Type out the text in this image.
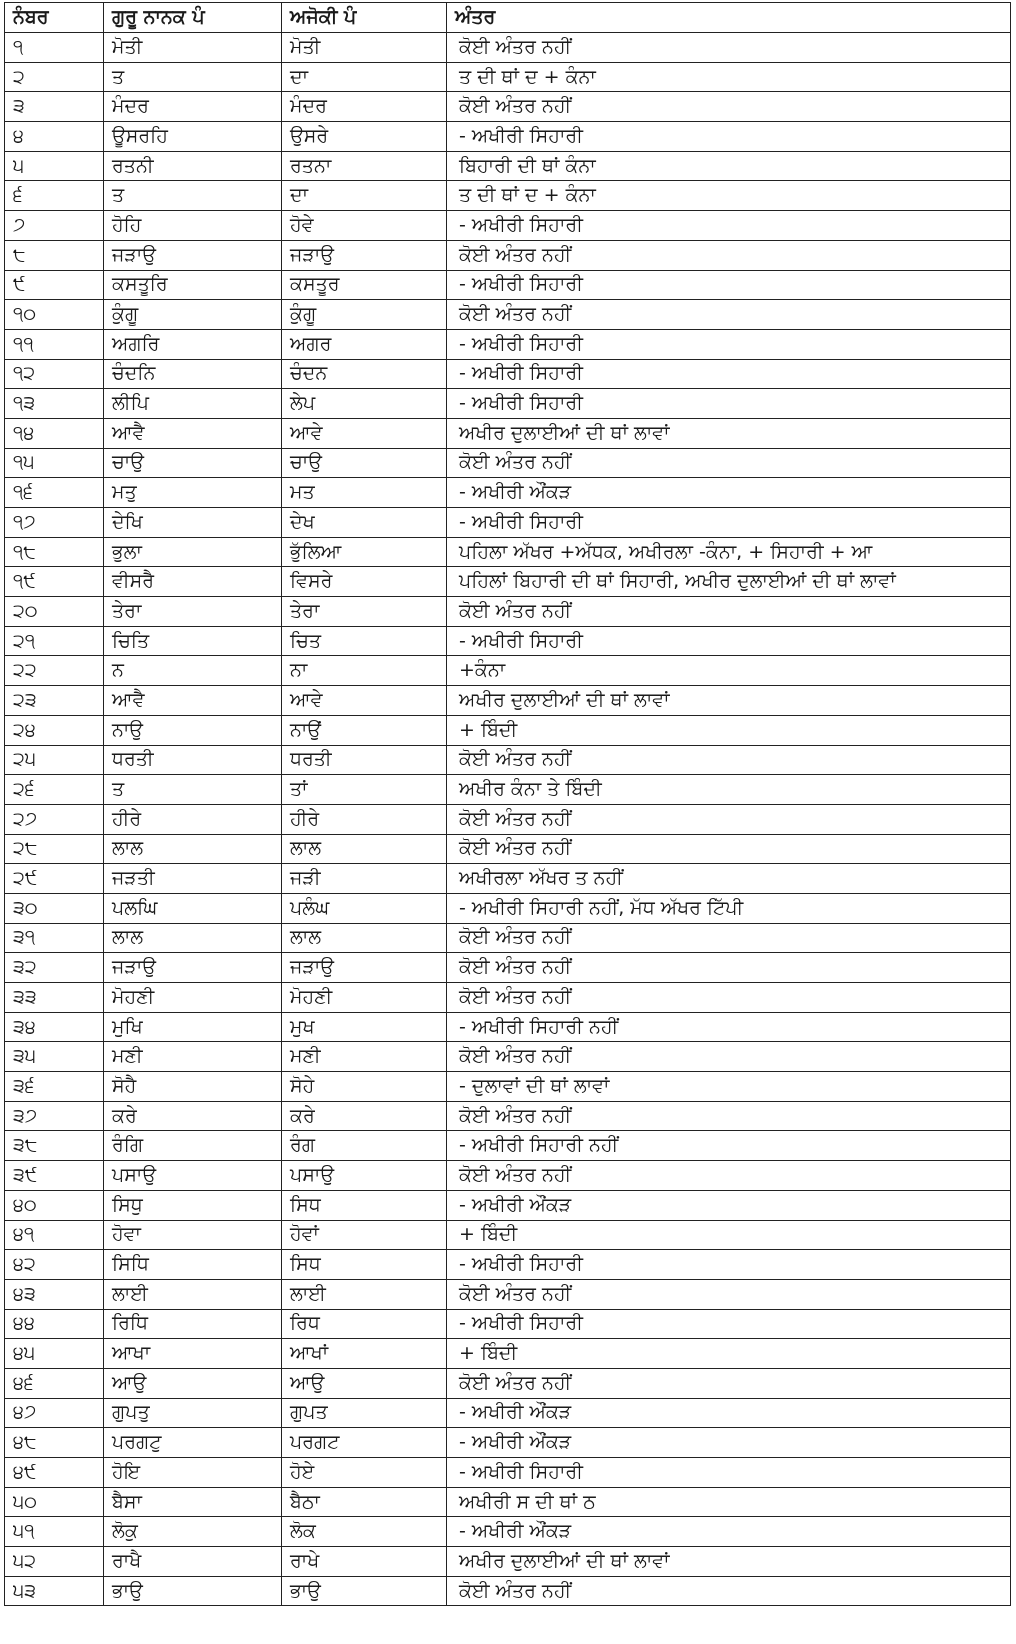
ਨੰਬਰ	ਗੁਰੂ ਨਾਨਕ ਪੰ	ਅਜੋਕੀ ਪੰ	ਅੰਤਰ
੧	ਮੋਤੀ	ਮੋਤੀ	ਕੋਈ ਅੰਤਰ ਨਹੀਂ
੨	ਤ	ਦਾ	ਤ ਦੀ ਥਾਂ ਦ + ਕੰਨਾ
੩	ਮੰਦਰ	ਮੰਦਰ	ਕੋਈ ਅੰਤਰ ਨਹੀਂ
੪	ਊਸਰਹਿ	ਉਸਰੇ	- ਅਖੀਰੀ ਸਿਹਾਰੀ
੫	ਰਤਨੀ	ਰਤਨਾ	ਬਿਹਾਰੀ ਦੀ ਥਾਂ ਕੰਨਾ
੬	ਤ	ਦਾ	ਤ ਦੀ ਥਾਂ ਦ + ਕੰਨਾ
੭	ਹੋਹਿ	ਹੋਵੇ	- ਅਖੀਰੀ ਸਿਹਾਰੀ
੮	ਜੜਾਉ	ਜੜਾਉ	ਕੋਈ ਅੰਤਰ ਨਹੀਂ
੯	ਕਸਤੂਰਿ	ਕਸਤੂਰ	- ਅਖੀਰੀ ਸਿਹਾਰੀ
੧੦	ਕੁੰਗੂ	ਕੁੰਗੂ	ਕੋਈ ਅੰਤਰ ਨਹੀਂ
੧੧	ਅਗਰਿ	ਅਗਰ	- ਅਖੀਰੀ ਸਿਹਾਰੀ
੧੨	ਚੰਦਨਿ	ਚੰਦਨ	- ਅਖੀਰੀ ਸਿਹਾਰੀ
੧੩	ਲੀਪਿ	ਲੇਪ	- ਅਖੀਰੀ ਸਿਹਾਰੀ
੧੪	ਆਵੈ	ਆਵੇ	ਅਖੀਰ ਦੁਲਾਈਆਂ ਦੀ ਥਾਂ ਲਾਵਾਂ
੧੫	ਚਾਉ	ਚਾਉ	ਕੋਈ ਅੰਤਰ ਨਹੀਂ
੧੬	ਮਤੁ	ਮਤ	- ਅਖੀਰੀ ਔਂਕੜ
੧੭	ਦੇਖਿ	ਦੇਖ	- ਅਖੀਰੀ ਸਿਹਾਰੀ
੧੮	ਭੁਲਾ	ਭੁੱਲਿਆ	ਪਹਿਲਾ ਅੱਖਰ +ਅੱਧਕ, ਅਖੀਰਲਾ -ਕੰਨਾ, + ਸਿਹਾਰੀ + ਆ
੧੯	ਵੀਸਰੈ	ਵਿਸਰੇ	ਪਹਿਲਾਂ ਬਿਹਾਰੀ ਦੀ ਥਾਂ ਸਿਹਾਰੀ, ਅਖੀਰ ਦੁਲਾਈਆਂ ਦੀ ਥਾਂ ਲਾਵਾਂ
੨੦	ਤੇਰਾ	ਤੇਰਾ	ਕੋਈ ਅੰਤਰ ਨਹੀਂ
੨੧	ਚਿਤਿ	ਚਿਤ	- ਅਖੀਰੀ ਸਿਹਾਰੀ
੨੨	ਨ	ਨਾ	+ਕੰਨਾ
੨੩	ਆਵੈ	ਆਵੇ	ਅਖੀਰ ਦੁਲਾਈਆਂ ਦੀ ਥਾਂ ਲਾਵਾਂ
੨੪	ਨਾਉ	ਨਾਉਂ	+ ਬਿੰਦੀ
੨੫	ਧਰਤੀ	ਧਰਤੀ	ਕੋਈ ਅੰਤਰ ਨਹੀਂ
੨੬	ਤ	ਤਾਂ	ਅਖੀਰ ਕੰਨਾ ਤੇ ਬਿੰਦੀ
੨੭	ਹੀਰੇ	ਹੀਰੇ	ਕੋਈ ਅੰਤਰ ਨਹੀਂ
੨੮	ਲਾਲ	ਲਾਲ	ਕੋਈ ਅੰਤਰ ਨਹੀਂ
੨੯	ਜੜਤੀ	ਜੜੀ	ਅਖੀਰਲਾ ਅੱਖਰ ਤ ਨਹੀਂ
੩੦	ਪਲਘਿ	ਪਲੰਘ	- ਅਖੀਰੀ ਸਿਹਾਰੀ ਨਹੀਂ, ਮੱਧ ਅੱਖਰ ਟਿੱਪੀ
੩੧	ਲਾਲ	ਲਾਲ	ਕੋਈ ਅੰਤਰ ਨਹੀਂ
੩੨	ਜੜਾਉ	ਜੜਾਉ	ਕੋਈ ਅੰਤਰ ਨਹੀਂ
੩੩	ਮੋਹਣੀ	ਮੋਹਣੀ	ਕੋਈ ਅੰਤਰ ਨਹੀਂ
੩੪	ਮੁਖਿ	ਮੁਖ	- ਅਖੀਰੀ ਸਿਹਾਰੀ ਨਹੀਂ
੩੫	ਮਣੀ	ਮਣੀ	ਕੋਈ ਅੰਤਰ ਨਹੀਂ
੩੬	ਸੋਹੈ	ਸੋਹੇ	- ਦੁਲਾਵਾਂ ਦੀ ਥਾਂ ਲਾਵਾਂ
੩੭	ਕਰੇ	ਕਰੇ	ਕੋਈ ਅੰਤਰ ਨਹੀਂ
੩੮	ਰੰਗਿ	ਰੰਗ	- ਅਖੀਰੀ ਸਿਹਾਰੀ ਨਹੀਂ
੩੯	ਪਸਾਉ	ਪਸਾਉ	ਕੋਈ ਅੰਤਰ ਨਹੀਂ
੪੦	ਸਿਧੁ	ਸਿਧ	- ਅਖੀਰੀ ਔਂਕੜ
੪੧	ਹੋਵਾ	ਹੋਵਾਂ	+ ਬਿੰਦੀ
੪੨	ਸਿਧਿ	ਸਿਧ	- ਅਖੀਰੀ ਸਿਹਾਰੀ
੪੩	ਲਾਈ	ਲਾਈ	ਕੋਈ ਅੰਤਰ ਨਹੀਂ
੪੪	ਰਿਧਿ	ਰਿਧ	- ਅਖੀਰੀ ਸਿਹਾਰੀ
੪੫	ਆਖਾ	ਆਖਾਂ	+ ਬਿੰਦੀ
੪੬	ਆਉ	ਆਉ	ਕੋਈ ਅੰਤਰ ਨਹੀਂ
੪੭	ਗੁਪਤੁ	ਗੁਪਤ	- ਅਖੀਰੀ ਔਂਕੜ
੪੮	ਪਰਗਟੁ	ਪਰਗਟ	- ਅਖੀਰੀ ਔਂਕੜ
੪੯	ਹੋਇ	ਹੋਏ	- ਅਖੀਰੀ ਸਿਹਾਰੀ
੫੦	ਬੈਸਾ	ਬੈਠਾ	ਅਖੀਰੀ ਸ ਦੀ ਥਾਂ ਠ
੫੧	ਲੋਕੁ	ਲੋਕ	- ਅਖੀਰੀ ਔਂਕੜ
੫੨	ਰਾਖੈ	ਰਾਖੇ	ਅਖੀਰ ਦੁਲਾਈਆਂ ਦੀ ਥਾਂ ਲਾਵਾਂ
੫੩	ਭਾਉ	ਭਾਉ	ਕੋਈ ਅੰਤਰ ਨਹੀਂ
